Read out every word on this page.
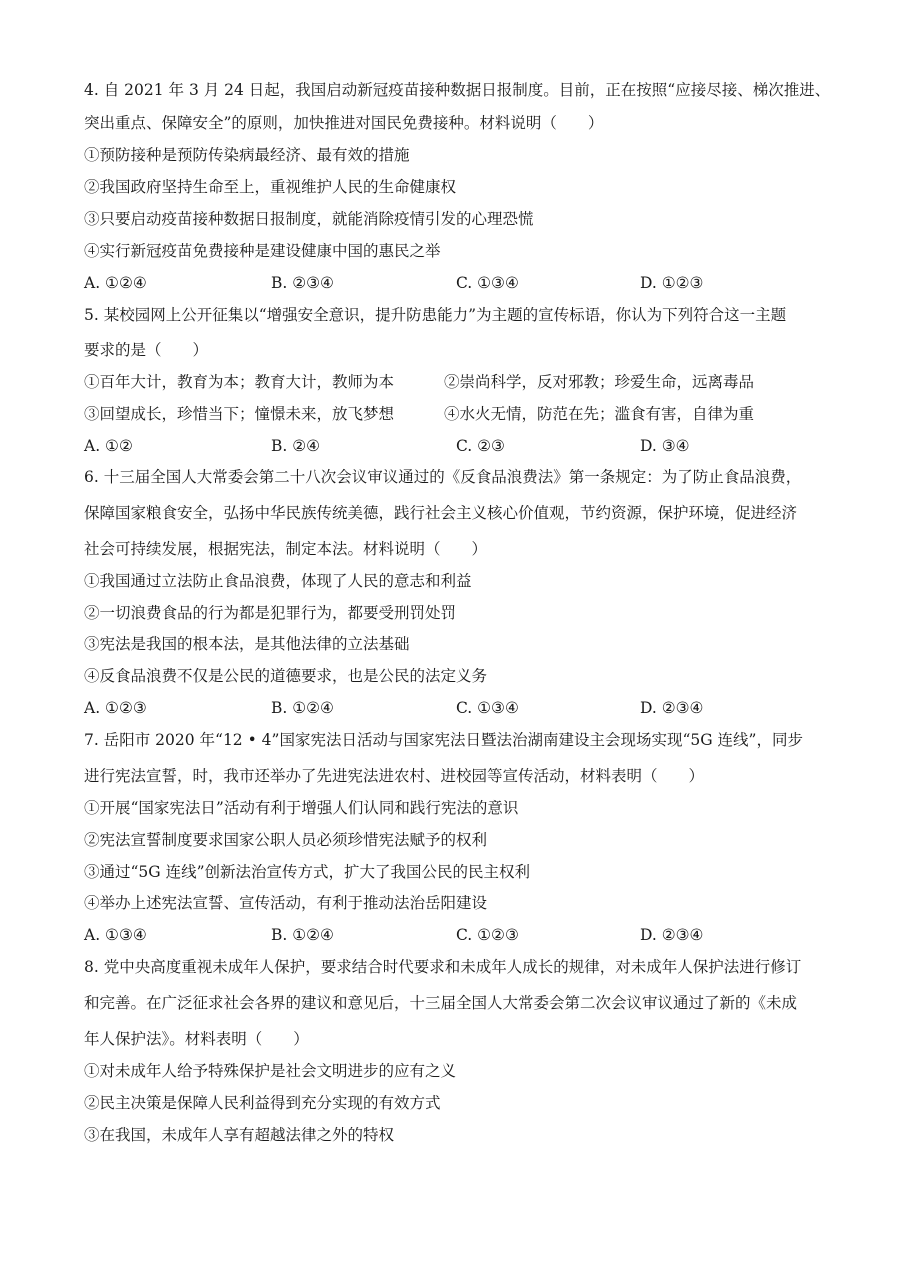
4. 自 2021 年 3 月 24 日起，我国启动新冠疫苗接种数据日报制度。目前，正在按照“应接尽接、梯次推进、
突出重点、保障安全”的原则，加快推进对国民免费接种。材料说明（　　）
①预防接种是预防传染病最经济、最有效的措施
②我国政府坚持生命至上，重视维护人民的生命健康权
③只要启动疫苗接种数据日报制度，就能消除疫情引发的心理恐慌
④实行新冠疫苗免费接种是建设健康中国的惠民之举
A. ①②④	B. ②③④	C. ①③④	D. ①②③
5. 某校园网上公开征集以“增强安全意识，提升防患能力”为主题的宣传标语，你认为下列符合这一主题
要求的是（　　）
①百年大计，教育为本；教育大计，教师为本	②崇尚科学，反对邪教；珍爱生命，远离毒品
③回望成长，珍惜当下；憧憬未来，放飞梦想	④水火无情，防范在先；滥食有害，自律为重
A. ①②	B. ②④	C. ②③	D. ③④
6. 十三届全国人大常委会第二十八次会议审议通过的《反食品浪费法》第一条规定：为了防止食品浪费，
保障国家粮食安全，弘扬中华民族传统美德，践行社会主义核心价值观，节约资源，保护环境，促进经济
社会可持续发展，根据宪法，制定本法。材料说明（　　）
①我国通过立法防止食品浪费，体现了人民的意志和利益
②一切浪费食品的行为都是犯罪行为，都要受刑罚处罚
③宪法是我国的根本法，是其他法律的立法基础
④反食品浪费不仅是公民的道德要求，也是公民的法定义务
A. ①②③	B. ①②④	C. ①③④	D. ②③④
7. 岳阳市 2020 年“12 • 4”国家宪法日活动与国家宪法日暨法治湖南建设主会现场实现“5G 连线”，同步
进行宪法宣誓，时，我市还举办了先进宪法进农村、进校园等宣传活动，材料表明（　　）
①开展“国家宪法日”活动有利于增强人们认同和践行宪法的意识
②宪法宣誓制度要求国家公职人员必须珍惜宪法赋予的权利
③通过“5G 连线”创新法治宣传方式，扩大了我国公民的民主权利
④举办上述宪法宣誓、宣传活动，有利于推动法治岳阳建设
A. ①③④	B. ①②④	C. ①②③	D. ②③④
8. 党中央高度重视未成年人保护，要求结合时代要求和未成年人成长的规律，对未成年人保护法进行修订
和完善。在广泛征求社会各界的建议和意见后，十三届全国人大常委会第二次会议审议通过了新的《未成
年人保护法》。材料表明（　　）
①对未成年人给予特殊保护是社会文明进步的应有之义
②民主决策是保障人民利益得到充分实现的有效方式
③在我国，未成年人享有超越法律之外的特权
